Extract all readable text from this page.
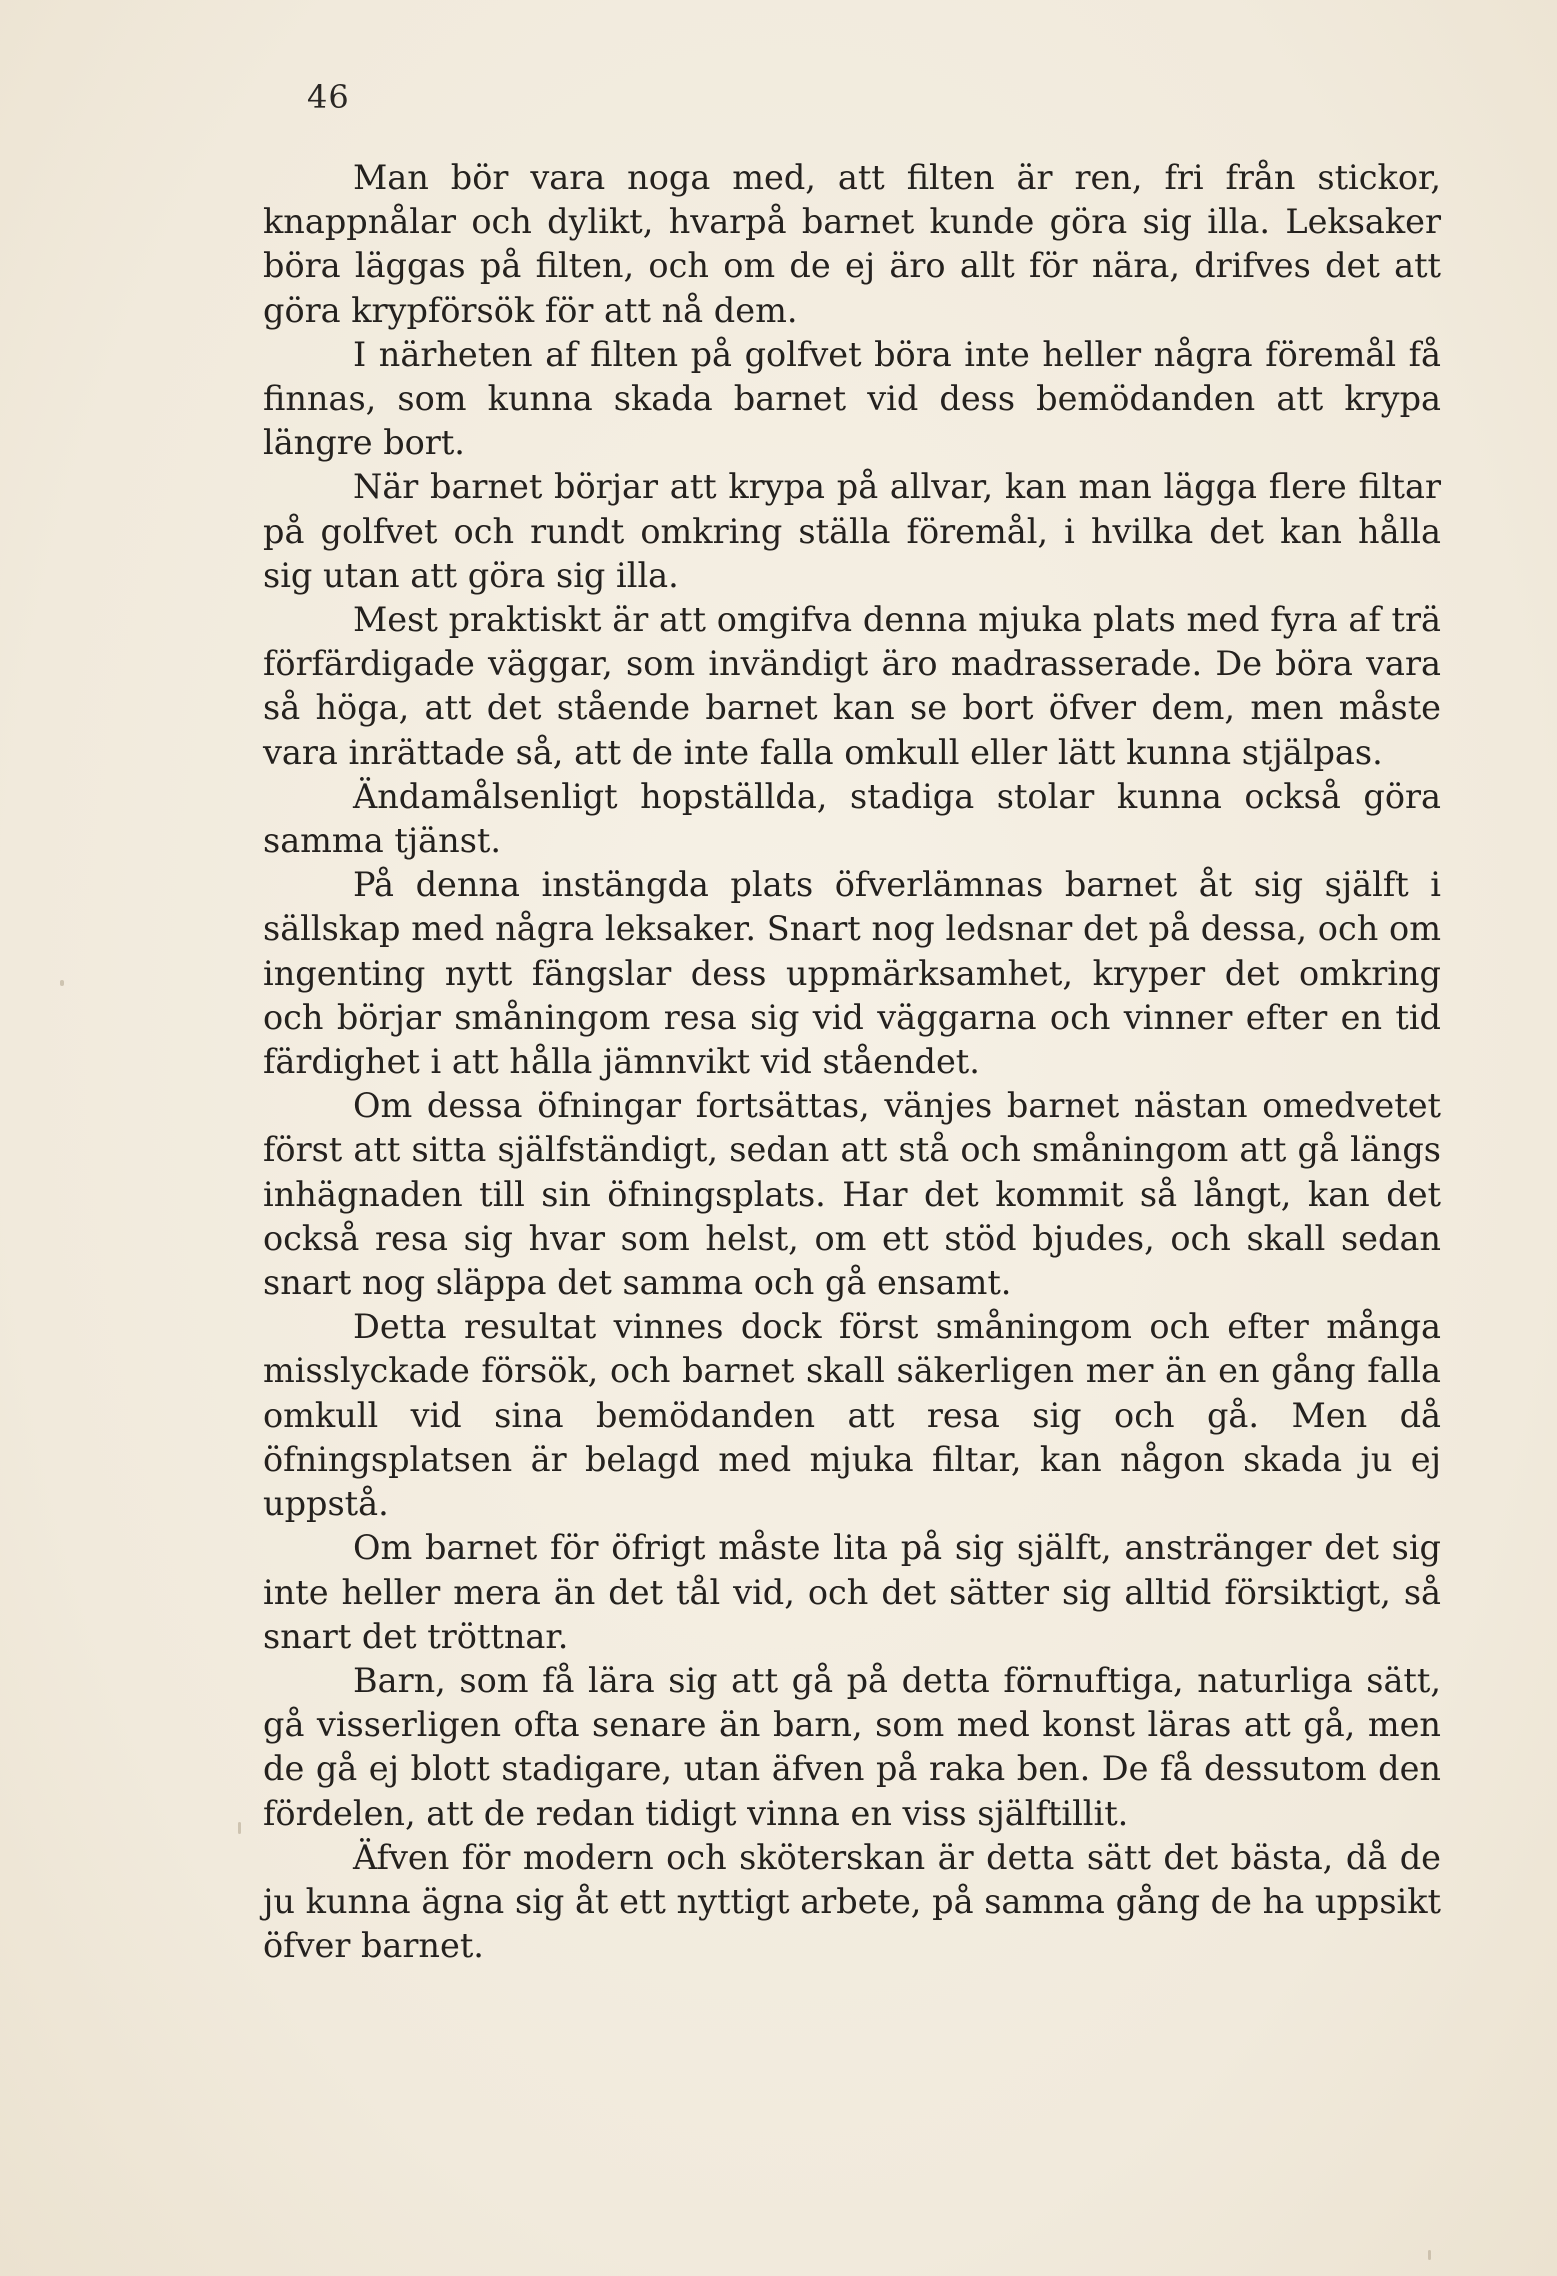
46

Man bör vara noga med, att filten är ren, fri från stickor, knappnålar och dylikt, hvarpå barnet kunde göra sig illa. Leksaker böra läggas på filten, och om de ej äro allt för nära, drifves det att göra krypförsök för att nå dem.

I närheten af filten på golfvet böra inte heller några föremål få finnas, som kunna skada barnet vid dess bemödanden att krypa längre bort.

När barnet börjar att krypa på allvar, kan man lägga flere filtar på golfvet och rundt omkring ställa föremål, i hvilka det kan hålla sig utan att göra sig illa.

Mest praktiskt är att omgifva denna mjuka plats med fyra af trä förfärdigade väggar, som invändigt äro madrasserade. De böra vara så höga, att det stående barnet kan se bort öfver dem, men måste vara inrättade så, att de inte falla omkull eller lätt kunna stjälpas.

Ändamålsenligt hopställda, stadiga stolar kunna också göra samma tjänst.

På denna instängda plats öfverlämnas barnet åt sig själft i sällskap med några leksaker. Snart nog ledsnar det på dessa, och om ingenting nytt fängslar dess uppmärksamhet, kryper det omkring och börjar småningom resa sig vid väggarna och vinner efter en tid färdighet i att hålla jämnvikt vid ståendet.

Om dessa öfningar fortsättas, vänjes barnet nästan omedvetet först att sitta själfständigt, sedan att stå och småningom att gå längs inhägnaden till sin öfningsplats. Har det kommit så långt, kan det också resa sig hvar som helst, om ett stöd bjudes, och skall sedan snart nog släppa det samma och gå ensamt.

Detta resultat vinnes dock först småningom och efter många misslyckade försök, och barnet skall säkerligen mer än en gång falla omkull vid sina bemödanden att resa sig och gå. Men då öfningsplatsen är belagd med mjuka filtar, kan någon skada ju ej uppstå.

Om barnet för öfrigt måste lita på sig själft, anstränger det sig inte heller mera än det tål vid, och det sätter sig alltid försiktigt, så snart det tröttnar.

Barn, som få lära sig att gå på detta förnuftiga, naturliga sätt, gå visserligen ofta senare än barn, som med konst läras att gå, men de gå ej blott stadigare, utan äfven på raka ben. De få dessutom den fördelen, att de redan tidigt vinna en viss själftillit.

Äfven för modern och sköterskan är detta sätt det bästa, då de ju kunna ägna sig åt ett nyttigt arbete, på samma gång de ha uppsikt öfver barnet.
